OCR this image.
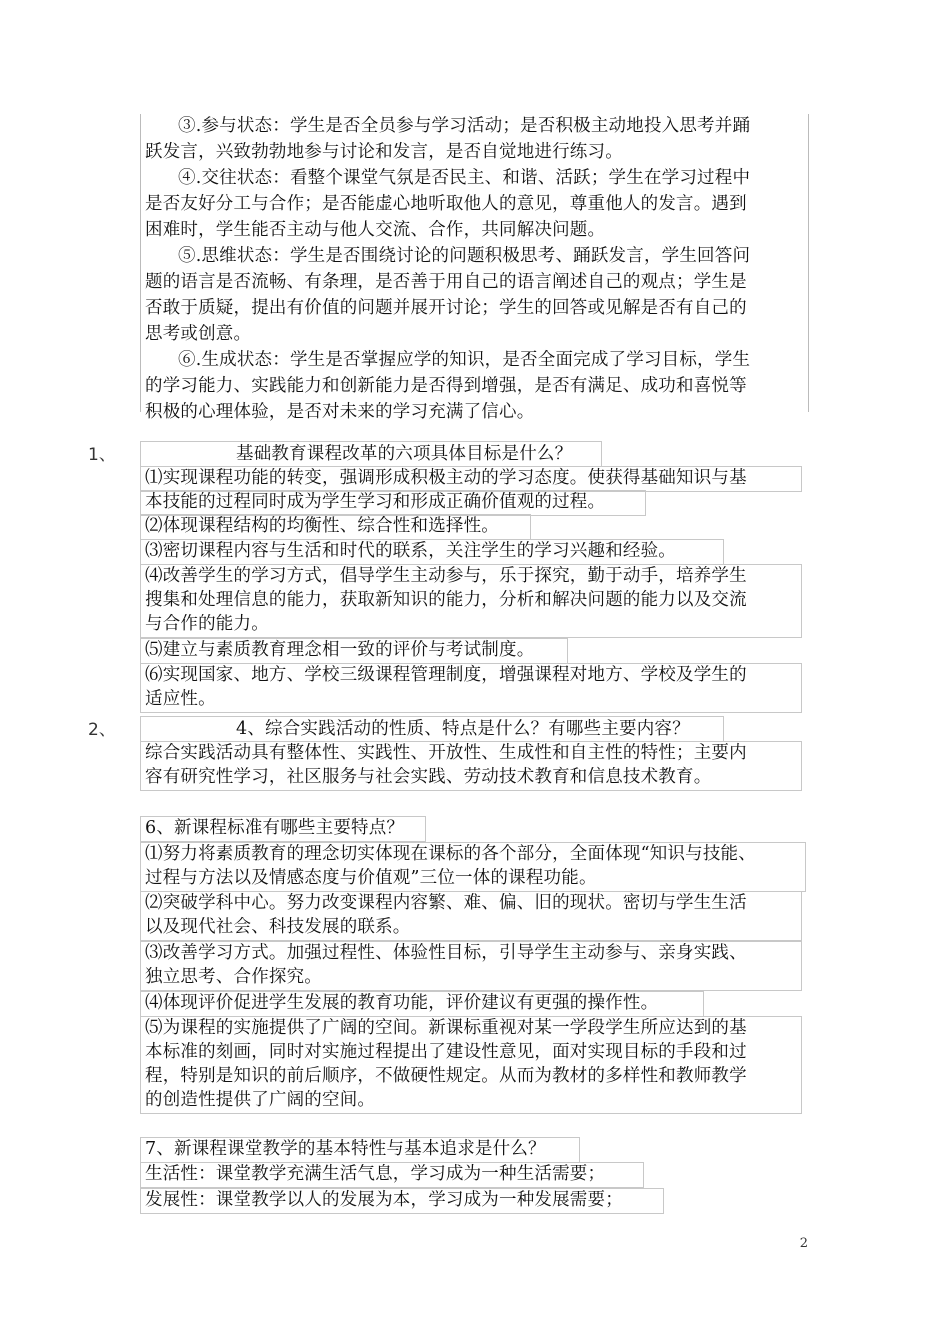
③.参与状态：学生是否全员参与学习活动；是否积极主动地投入思考并踊
跃发言，兴致勃勃地参与讨论和发言，是否自觉地进行练习。
④.交往状态：看整个课堂气氛是否民主、和谐、活跃；学生在学习过程中
是否友好分工与合作；是否能虚心地听取他人的意见，尊重他人的发言。遇到
困难时，学生能否主动与他人交流、合作，共同解决问题。
⑤.思维状态：学生是否围绕讨论的问题积极思考、踊跃发言，学生回答问
题的语言是否流畅、有条理，是否善于用自己的语言阐述自己的观点；学生是
否敢于质疑，提出有价值的问题并展开讨论；学生的回答或见解是否有自己的
思考或创意。
⑥.生成状态：学生是否掌握应学的知识，是否全面完成了学习目标，学生
的学习能力、实践能力和创新能力是否得到增强，是否有满足、成功和喜悦等
积极的心理体验，是否对未来的学习充满了信心。
1、	基础教育课程改革的六项具体目标是什么？
⑴实现课程功能的转变，强调形成积极主动的学习态度。使获得基础知识与基
本技能的过程同时成为学生学习和形成正确价值观的过程。
⑵体现课程结构的均衡性、综合性和选择性。
⑶密切课程内容与生活和时代的联系，关注学生的学习兴趣和经验。
⑷改善学生的学习方式，倡导学生主动参与，乐于探究，勤于动手，培养学生
搜集和处理信息的能力，获取新知识的能力，分析和解决问题的能力以及交流
与合作的能力。
⑸建立与素质教育理念相一致的评价与考试制度。
⑹实现国家、地方、学校三级课程管理制度，增强课程对地方、学校及学生的
适应性。
2、	4、综合实践活动的性质、特点是什么？有哪些主要内容？
综合实践活动具有整体性、实践性、开放性、生成性和自主性的特性；主要内
容有研究性学习，社区服务与社会实践、劳动技术教育和信息技术教育。
6、新课程标准有哪些主要特点？
⑴努力将素质教育的理念切实体现在课标的各个部分，全面体现“知识与技能、
过程与方法以及情感态度与价值观”三位一体的课程功能。
⑵突破学科中心。努力改变课程内容繁、难、偏、旧的现状。密切与学生生活
以及现代社会、科技发展的联系。
⑶改善学习方式。加强过程性、体验性目标，引导学生主动参与、亲身实践、
独立思考、合作探究。
⑷体现评价促进学生发展的教育功能，评价建议有更强的操作性。
⑸为课程的实施提供了广阔的空间。新课标重视对某一学段学生所应达到的基
本标准的刻画，同时对实施过程提出了建设性意见，面对实现目标的手段和过
程，特别是知识的前后顺序，不做硬性规定。从而为教材的多样性和教师教学
的创造性提供了广阔的空间。
7、新课程课堂教学的基本特性与基本追求是什么？
生活性：课堂教学充满生活气息，学习成为一种生活需要；
发展性：课堂教学以人的发展为本，学习成为一种发展需要；
2
